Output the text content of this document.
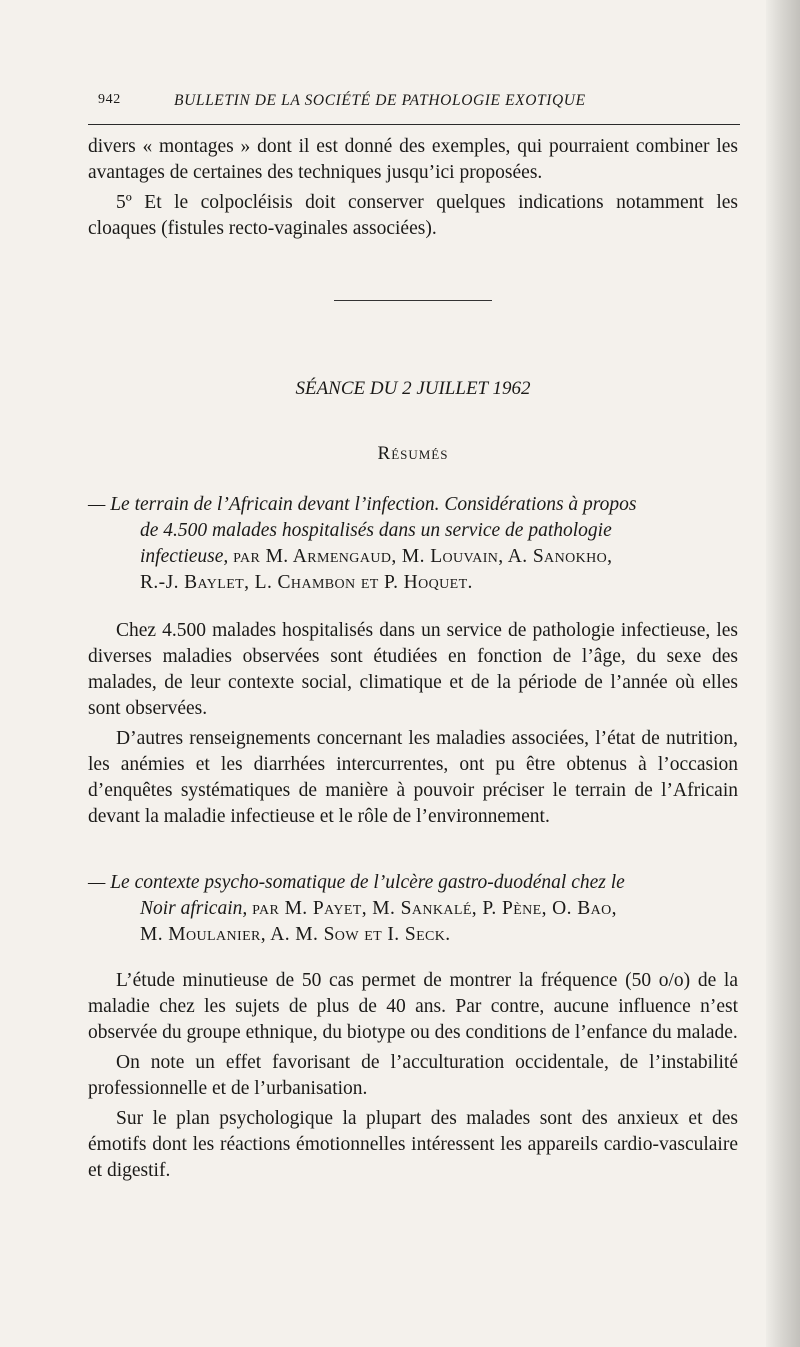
942	BULLETIN DE LA SOCIÉTÉ DE PATHOLOGIE EXOTIQUE

divers « montages » dont il est donné des exemples, qui pourraient combiner les avantages de certaines des techniques jusqu’ici proposées.

5º Et le colpocléisis doit conserver quelques indications notamment les cloaques (fistules recto-vaginales associées).

SÉANCE DU 2 JUILLET 1962
Résumés
— Le terrain de l’Africain devant l’infection. Considérations à propos
de 4.500 malades hospitalisés dans un service de pathologie
infectieuse, par M. Armengaud, M. Louvain, A. Sanokho,
R.-J. Baylet, L. Chambon et P. Hoquet.

Chez 4.500 malades hospitalisés dans un service de pathologie infectieuse, les diverses maladies observées sont étudiées en fonction de l’âge, du sexe des malades, de leur contexte social, climatique et de la période de l’année où elles sont observées.

D’autres renseignements concernant les maladies associées, l’état de nutrition, les anémies et les diarrhées intercurrentes, ont pu être obtenus à l’occasion d’enquêtes systématiques de manière à pouvoir préciser le terrain de l’Africain devant la maladie infectieuse et le rôle de l’environnement.

— Le contexte psycho-somatique de l’ulcère gastro-duodénal chez le
Noir africain, par M. Payet, M. Sankalé, P. Pène, O. Bao,
M. Moulanier, A. M. Sow et I. Seck.

L’étude minutieuse de 50 cas permet de montrer la fréquence (50 o/o) de la maladie chez les sujets de plus de 40 ans. Par contre, aucune influence n’est observée du groupe ethnique, du biotype ou des conditions de l’enfance du malade.

On note un effet favorisant de l’acculturation occidentale, de l’instabilité professionnelle et de l’urbanisation.

Sur le plan psychologique la plupart des malades sont des anxieux et des émotifs dont les réactions émotionnelles intéressent les appareils cardio-vasculaire et digestif.
